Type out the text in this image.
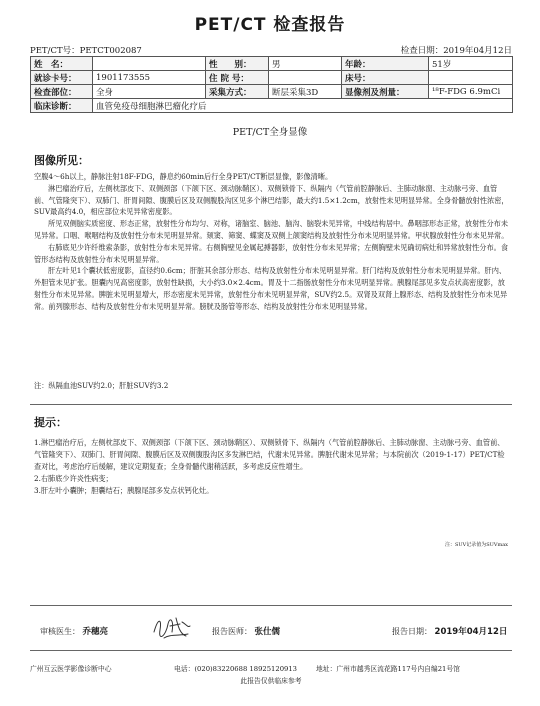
PET/CT 检查报告
PET/CT号：PETCT002087	检查日期：2019年04月12日
姓　名：		性　　别：	男	年龄：	51岁
就诊卡号：	1901173555	住 院 号：		床号：	
检查部位：	全身	采集方式：	断层采集3D	显像剂及剂量：	¹⁸F-FDG 6.9mCi
临床诊断：	血管免疫母细胞淋巴瘤化疗后				
PET/CT全身显像
图像所见：

空腹4～6h以上，静脉注射18F-FDG，静息约60min后行全身PET/CT断层显像，影像清晰。

淋巴瘤治疗后，左侧枕部皮下、双侧颈部（下颌下区、颈动脉鞘区）、双侧锁骨下、纵隔内（气管前腔静脉后、主肺动脉窗、主动脉弓旁、血管前、气管隆突下）、双肺门、肝胃间隙、腹膜后区及双侧腹股沟区见多个淋巴结影，最大约1.5×1.2cm，放射性未见明显异常。全身骨髓放射性浓密，SUV最高约4.0，相应部位未见异常密度影。

所见双侧脑实质密度、形态正常，放射性分布均匀、对称，诸脑室、脑池、脑沟、脑裂未见异常，中线结构居中。鼻咽部形态正常，放射性分布未见异常。口咽、喉咽结构及放射性分布未见明显异常。颏窦、筛窦、蝶窦及双侧上颌窦结构及放射性分布未见明显异常。甲状腺放射性分布未见异常。

右肺底见少许纤维索条影，放射性分布未见异常。右侧胸壁见金属起搏器影，放射性分布未见异常；左侧胸壁未见确切病灶和异常放射性分布。食管形态结构及放射性分布未见明显异常。

肝左叶见1个囊状低密度影，直径约0.6cm；肝脏其余部分形态、结构及放射性分布未见明显异常。肝门结构及放射性分布未见明显异常。肝内、外胆管未见扩张。胆囊内见高密度影，放射性缺损，大小约3.0×2.4cm。胃及十二指肠放射性分布未见明显异常。胰腺尾部见多发点状高密度影，放射性分布未见异常。脾脏未见明显增大，形态密度未见异常，放射性分布未见明显异常，SUV约2.5。双肾及双肾上腺形态、结构及放射性分布未见异常。前列腺形态、结构及放射性分布未见明显异常。膀胱及肠管等形态、结构及放射性分布未见明显异常。

注：纵隔血池SUV约2.0；肝脏SUV约3.2
提示：

1.淋巴瘤治疗后，左侧枕部皮下、双侧颈部（下颌下区、颈动脉鞘区）、双侧锁骨下、纵隔内（气管前腔静脉后、主肺动脉窗、主动脉弓旁、血管前、气管隆突下）、双肺门、肝胃间隙、腹膜后区及双侧腹股沟区多发淋巴结，代谢未见异常。脾脏代谢未见异常；与本院前次（2019-1-17）PET/CT检查对比，考虑治疗后缓解，建议定期复查；全身骨髓代谢稍活跃，多考虑反应性增生。

2.右肺底少许炎性病变；

3.肝左叶小囊肿；胆囊结石；胰腺尾部多发点状钙化灶。

注：SUV记录值为SUVmax
审核医生： 乔穗亮	报告医师： 张仕儒	报告日期： 2019年04月12日
广州互云医学影像诊断中心	电话：(020)83220688 18925120913	地址：广州市越秀区流花路117号内自编21号馆
此报告仅供临床参考
